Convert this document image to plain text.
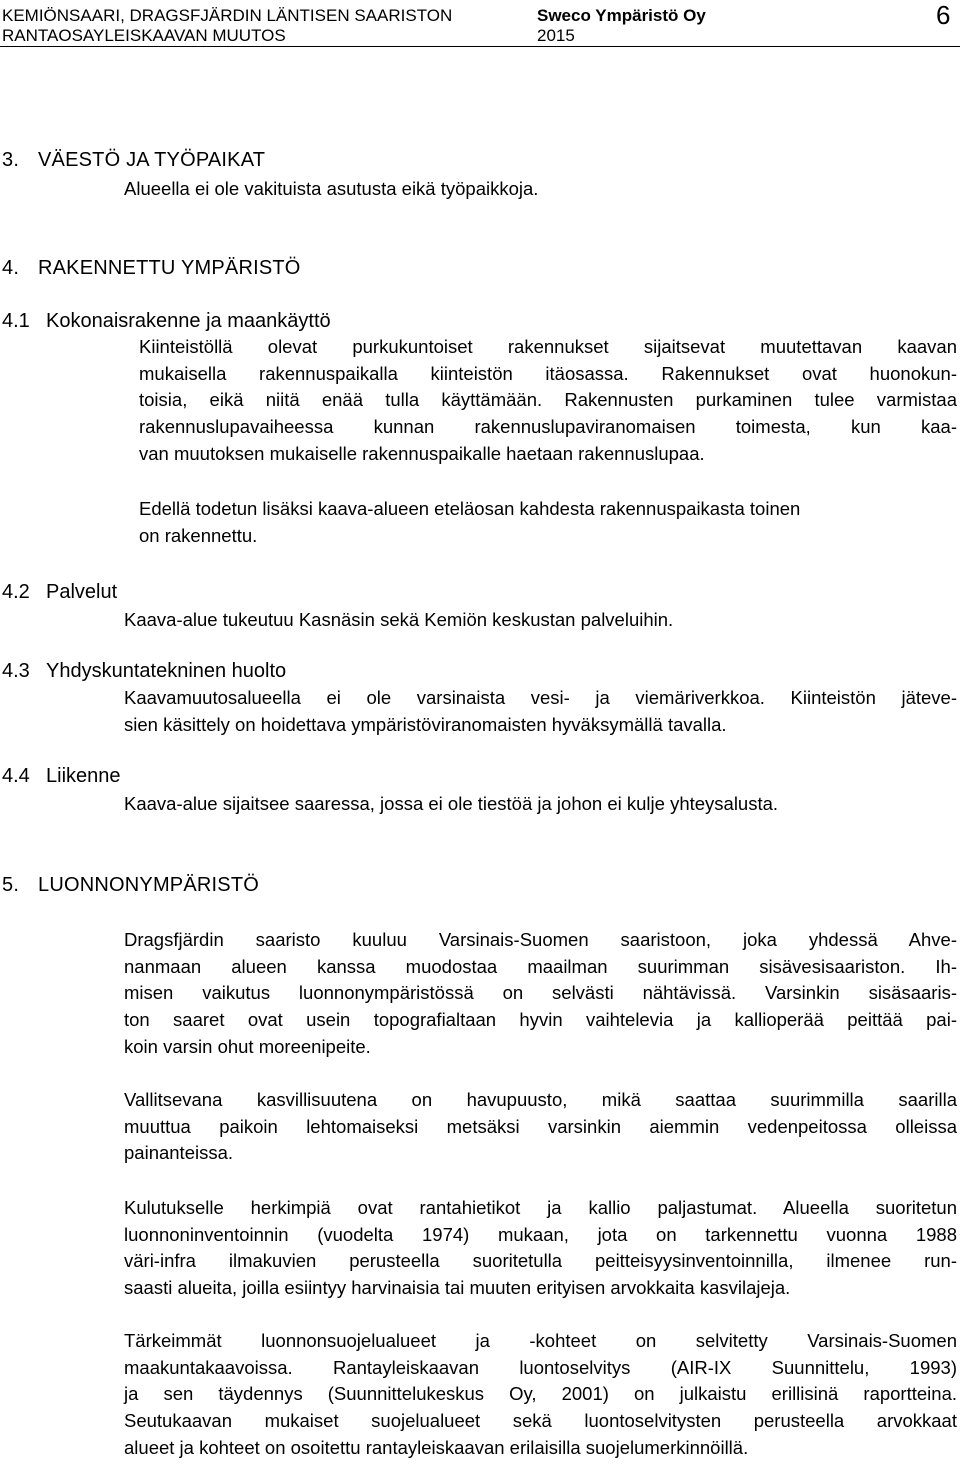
KEMIÖNSAARI, DRAGSFJÄRDIN LÄNTISEN SAARISTON
RANTAOSAYLEISKAAVAN MUUTOS
Sweco Ympäristö Oy
2015
6
3. VÄESTÖ JA TYÖPAIKAT
Alueella ei ole vakituista asutusta eikä työpaikkoja.
4. RAKENNETTU YMPÄRISTÖ
4.1 Kokonaisrakenne ja maankäyttö
Kiinteistöllä olevat purkukuntoiset rakennukset sijaitsevat muutettavan kaavan
mukaisella rakennuspaikalla kiinteistön itäosassa. Rakennukset ovat huonokun-
toisia, eikä niitä enää tulla käyttämään. Rakennusten purkaminen tulee varmistaa
rakennuslupavaiheessa kunnan rakennuslupaviranomaisen toimesta, kun kaa-
van muutoksen mukaiselle rakennuspaikalle haetaan rakennuslupaa.
Edellä todetun lisäksi kaava-alueen eteläosan kahdesta rakennuspaikasta toinen
on rakennettu.
4.2 Palvelut
Kaava-alue tukeutuu Kasnäsin sekä Kemiön keskustan palveluihin.
4.3 Yhdyskuntatekninen huolto
Kaavamuutosalueella ei ole varsinaista vesi- ja viemäriverkkoa. Kiinteistön jäteve-
sien käsittely on hoidettava ympäristöviranomaisten hyväksymällä tavalla.
4.4 Liikenne
Kaava-alue sijaitsee saaressa, jossa ei ole tiestöä ja johon ei kulje yhteysalusta.
5. LUONNONYMPÄRISTÖ
Dragsfjärdin saaristo kuuluu Varsinais-Suomen saaristoon, joka yhdessä Ahve-
nanmaan alueen kanssa muodostaa maailman suurimman sisävesisaariston. Ih-
misen vaikutus luonnonympäristössä on selvästi nähtävissä. Varsinkin sisäsaaris-
ton saaret ovat usein topografialtaan hyvin vaihtelevia ja kallioperää peittää pai-
koin varsin ohut moreenipeite.
Vallitsevana kasvillisuutena on havupuusto, mikä saattaa suurimmilla saarilla
muuttua paikoin lehtomaiseksi metsäksi varsinkin aiemmin vedenpeitossa olleissa
painanteissa.
Kulutukselle herkimpiä ovat rantahietikot ja kallio paljastumat. Alueella suoritetun
luonnoninventoinnin (vuodelta 1974) mukaan, jota on tarkennettu vuonna 1988
väri-infra ilmakuvien perusteella suoritetulla peitteisyysinventoinnilla, ilmenee run-
saasti alueita, joilla esiintyy harvinaisia tai muuten erityisen arvokkaita kasvilajeja.
Tärkeimmät luonnonsuojelualueet ja -kohteet on selvitetty Varsinais-Suomen
maakuntakaavoissa. Rantayleiskaavan luontoselvitys (AIR-IX Suunnittelu, 1993)
ja sen täydennys (Suunnittelukeskus Oy, 2001) on julkaistu erillisinä raportteina.
Seutukaavan mukaiset suojelualueet sekä luontoselvitysten perusteella arvokkaat
alueet ja kohteet on osoitettu rantayleiskaavan erilaisilla suojelumerkinnöillä.
